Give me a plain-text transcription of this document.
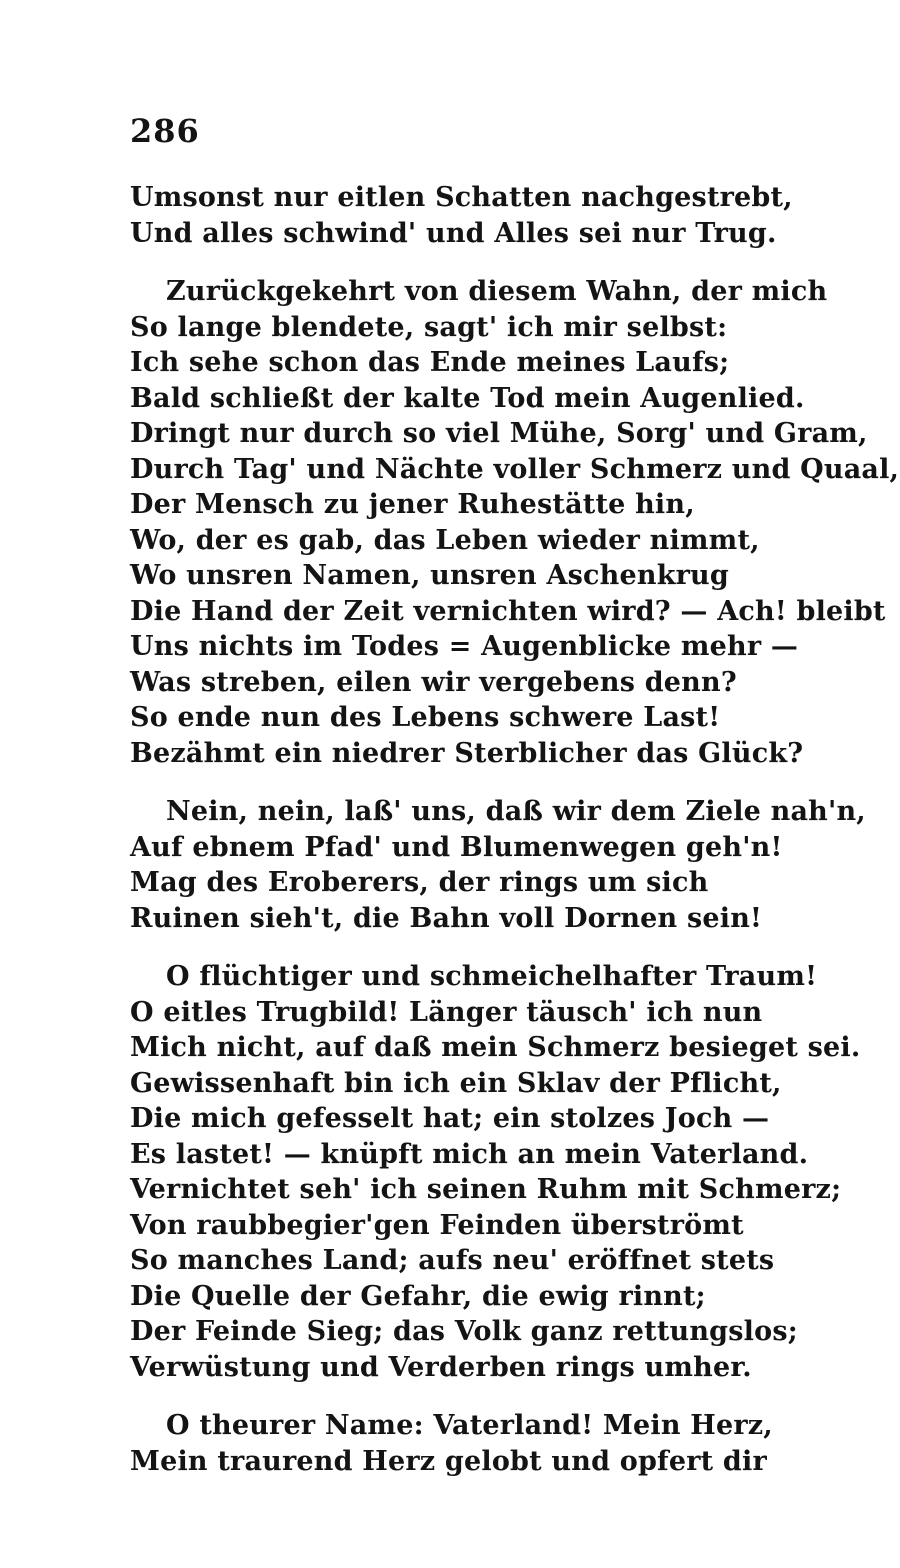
286
Umsonst nur eitlen Schatten nachgestrebt,
Und alles schwind' und Alles sei nur Trug.
Zurückgekehrt von diesem Wahn, der mich
So lange blendete, sagt' ich mir selbst:
Ich sehe schon das Ende meines Laufs;
Bald schließt der kalte Tod mein Augenlied.
Dringt nur durch so viel Mühe, Sorg' und Gram,
Durch Tag' und Nächte voller Schmerz und Quaal,
Der Mensch zu jener Ruhestätte hin,
Wo, der es gab, das Leben wieder nimmt,
Wo unsren Namen, unsren Aschenkrug
Die Hand der Zeit vernichten wird? — Ach! bleibt
Uns nichts im Todes = Augenblicke mehr —
Was streben, eilen wir vergebens denn?
So ende nun des Lebens schwere Last!
Bezähmt ein niedrer Sterblicher das Glück?
Nein, nein, laß' uns, daß wir dem Ziele nah'n,
Auf ebnem Pfad' und Blumenwegen geh'n!
Mag des Eroberers, der rings um sich
Ruinen sieh't, die Bahn voll Dornen sein!
O flüchtiger und schmeichelhafter Traum!
O eitles Trugbild! Länger täusch' ich nun
Mich nicht, auf daß mein Schmerz besieget sei.
Gewissenhaft bin ich ein Sklav der Pflicht,
Die mich gefesselt hat; ein stolzes Joch —
Es lastet! — knüpft mich an mein Vaterland.
Vernichtet seh' ich seinen Ruhm mit Schmerz;
Von raubbegier'gen Feinden überströmt
So manches Land; aufs neu' eröffnet stets
Die Quelle der Gefahr, die ewig rinnt;
Der Feinde Sieg; das Volk ganz rettungslos;
Verwüstung und Verderben rings umher.
O theurer Name: Vaterland! Mein Herz,
Mein traurend Herz gelobt und opfert dir
